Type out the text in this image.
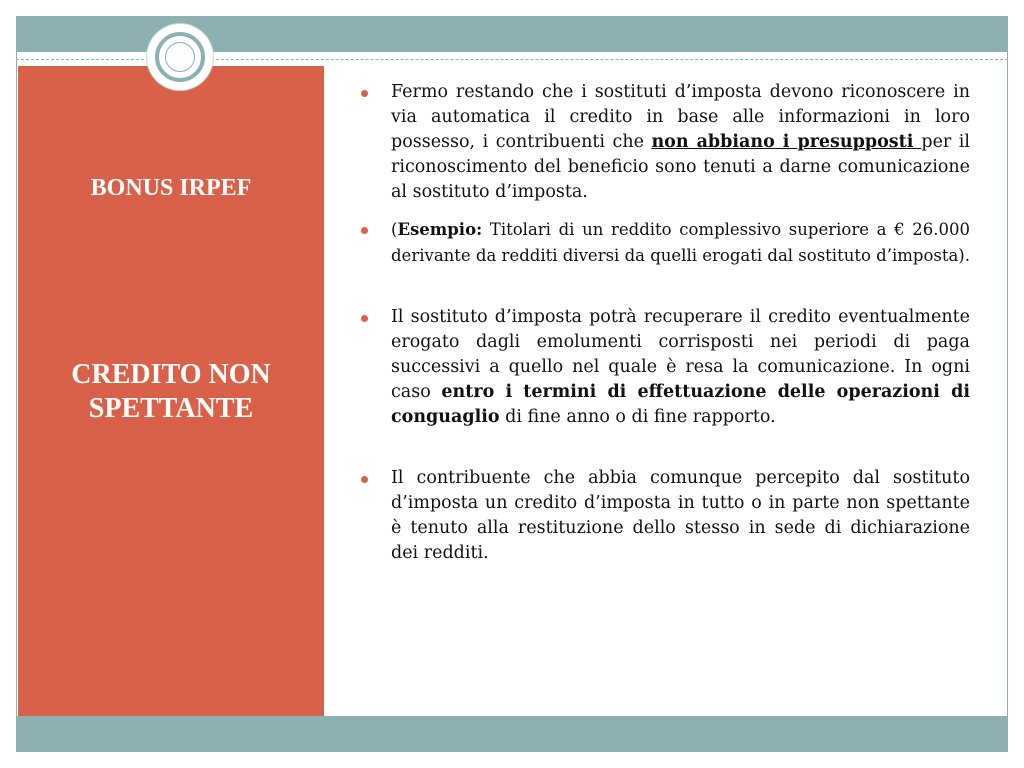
BONUS IRPEF
CREDITO NON SPETTANTE
Fermo restando che i sostituti d’imposta devono riconoscere in via automatica il credito in base alle informazioni in loro possesso, i contribuenti che non abbiano i presupposti per il riconoscimento del beneficio sono tenuti a darne comunicazione al sostituto d’imposta.
(Esempio: Titolari di un reddito complessivo superiore a € 26.000 derivante da redditi diversi da quelli erogati dal sostituto d’imposta).
Il sostituto d’imposta potrà recuperare il credito eventualmente erogato dagli emolumenti corrisposti nei periodi di paga successivi a quello nel quale è resa la comunicazione. In ogni caso entro i termini di effettuazione delle operazioni di conguaglio di fine anno o di fine rapporto.
Il contribuente che abbia comunque percepito dal sostituto d’imposta un credito d’imposta in tutto o in parte non spettante è tenuto alla restituzione dello stesso in sede di dichiarazione dei redditi.
